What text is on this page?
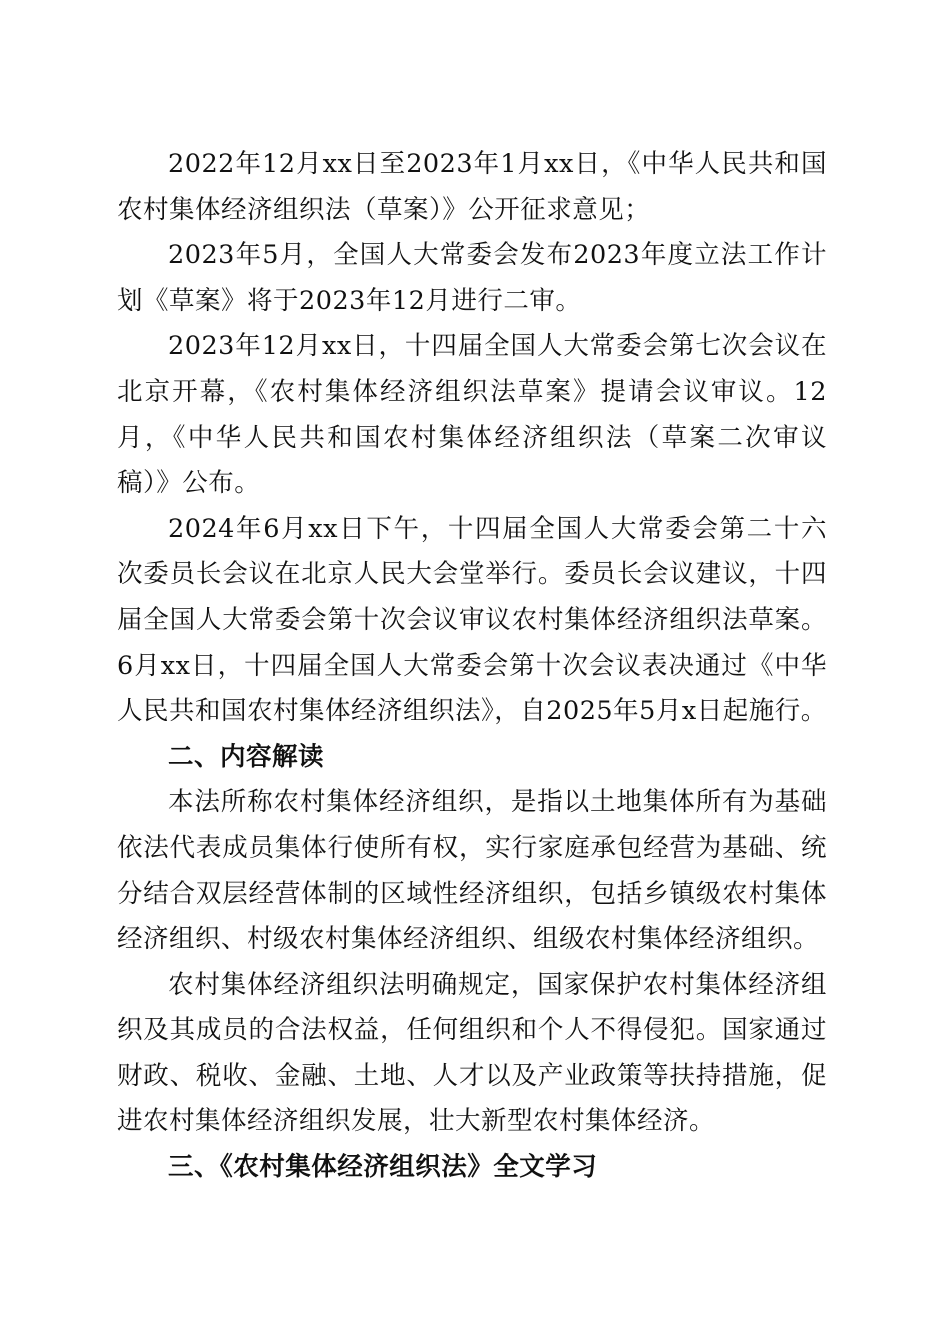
2022年12月xx日至2023年1月xx日，《中华人民共和国农村集体经济组织法（草案）》公开征求意见；

2023年5月，全国人大常委会发布2023年度立法工作计划《草案》将于2023年12月进行二审。

2023年12月xx日，十四届全国人大常委会第七次会议在北京开幕，《农村集体经济组织法草案》提请会议审议。12月，《中华人民共和国农村集体经济组织法（草案二次审议稿）》公布。

2024年6月xx日下午，十四届全国人大常委会第二十六次委员长会议在北京人民大会堂举行。委员长会议建议，十四届全国人大常委会第十次会议审议农村集体经济组织法草案。6月xx日，十四届全国人大常委会第十次会议表决通过《中华人民共和国农村集体经济组织法》，自2025年5月x日起施行。

二、内容解读

本法所称农村集体经济组织，是指以土地集体所有为基础依法代表成员集体行使所有权，实行家庭承包经营为基础、统分结合双层经营体制的区域性经济组织，包括乡镇级农村集体经济组织、村级农村集体经济组织、组级农村集体经济组织。

农村集体经济组织法明确规定，国家保护农村集体经济组织及其成员的合法权益，任何组织和个人不得侵犯。国家通过财政、税收、金融、土地、人才以及产业政策等扶持措施，促进农村集体经济组织发展，壮大新型农村集体经济。

三、《农村集体经济组织法》全文学习
